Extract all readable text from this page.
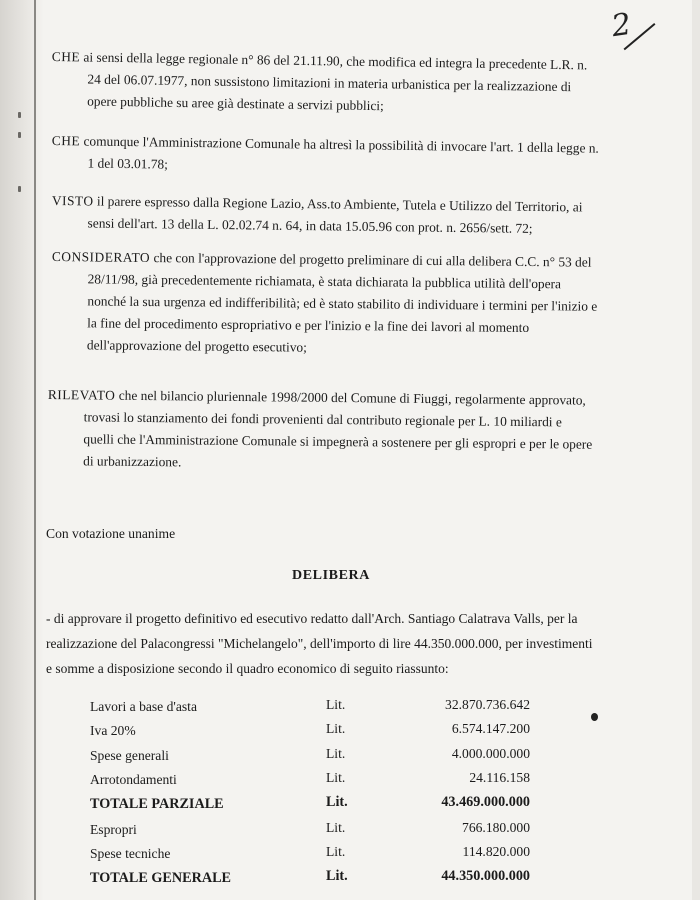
2
CHE ai sensi della legge regionale n° 86 del 21.11.90, che modifica ed integra la precedente L.R. n.
24 del 06.07.1977, non sussistono limitazioni in materia urbanistica per la realizzazione di
opere pubbliche su aree già destinate a servizi pubblici;
CHE comunque l'Amministrazione Comunale ha altresì la possibilità di invocare l'art. 1 della legge n.
1 del 03.01.78;
VISTO il parere espresso dalla Regione Lazio, Ass.to Ambiente, Tutela e Utilizzo del Territorio, ai
sensi dell'art. 13 della L. 02.02.74 n. 64, in data 15.05.96 con prot. n. 2656/sett. 72;
CONSIDERATO che con l'approvazione del progetto preliminare di cui alla delibera C.C. n° 53 del
28/11/98, già precedentemente richiamata, è stata dichiarata la pubblica utilità dell'opera
nonché la sua urgenza ed indifferibilità; ed è stato stabilito di individuare i termini per l'inizio e
la fine del procedimento espropriativo e per l'inizio e la fine dei lavori al momento
dell'approvazione del progetto esecutivo;
RILEVATO che nel bilancio pluriennale 1998/2000 del Comune di Fiuggi, regolarmente approvato,
trovasi lo stanziamento dei fondi provenienti dal contributo regionale per L. 10 miliardi e
quelli che l'Amministrazione Comunale si impegnerà a sostenere per gli espropri e per le opere
di urbanizzazione.
Con votazione unanime
DELIBERA
- di approvare il progetto definitivo ed esecutivo redatto dall'Arch. Santiago Calatrava Valls, per la
realizzazione del Palacongressi "Michelangelo", dell'importo di lire 44.350.000.000, per investimenti
e somme a disposizione secondo il quadro economico di seguito riassunto:
Lavori a base d'asta	Lit.	32.870.736.642
Iva 20%	Lit.	6.574.147.200
Spese generali	Lit.	4.000.000.000
Arrotondamenti	Lit.	24.116.158
TOTALE PARZIALE	Lit.	43.469.000.000
Espropri	Lit.	766.180.000
Spese tecniche	Lit.	114.820.000
TOTALE GENERALE	Lit.	44.350.000.000
